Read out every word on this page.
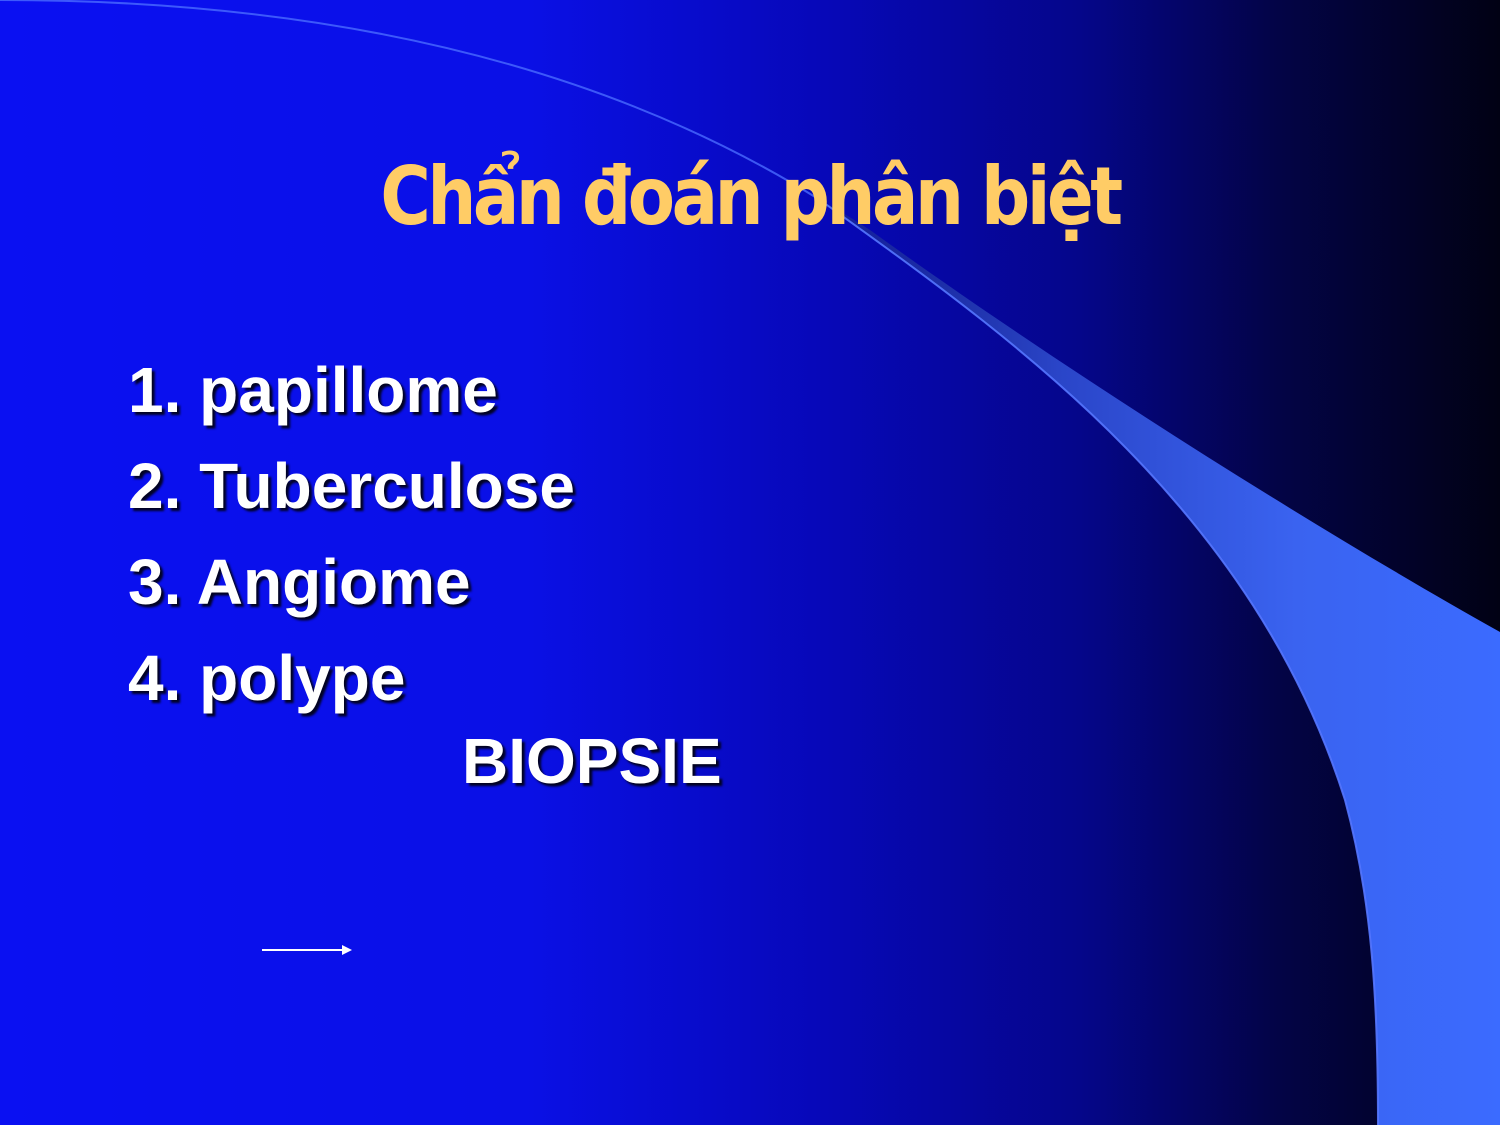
Chẩn đoán phân biệt
1. papillome
2. Tuberculose
3. Angiome
4. polype

BIOPSIE
